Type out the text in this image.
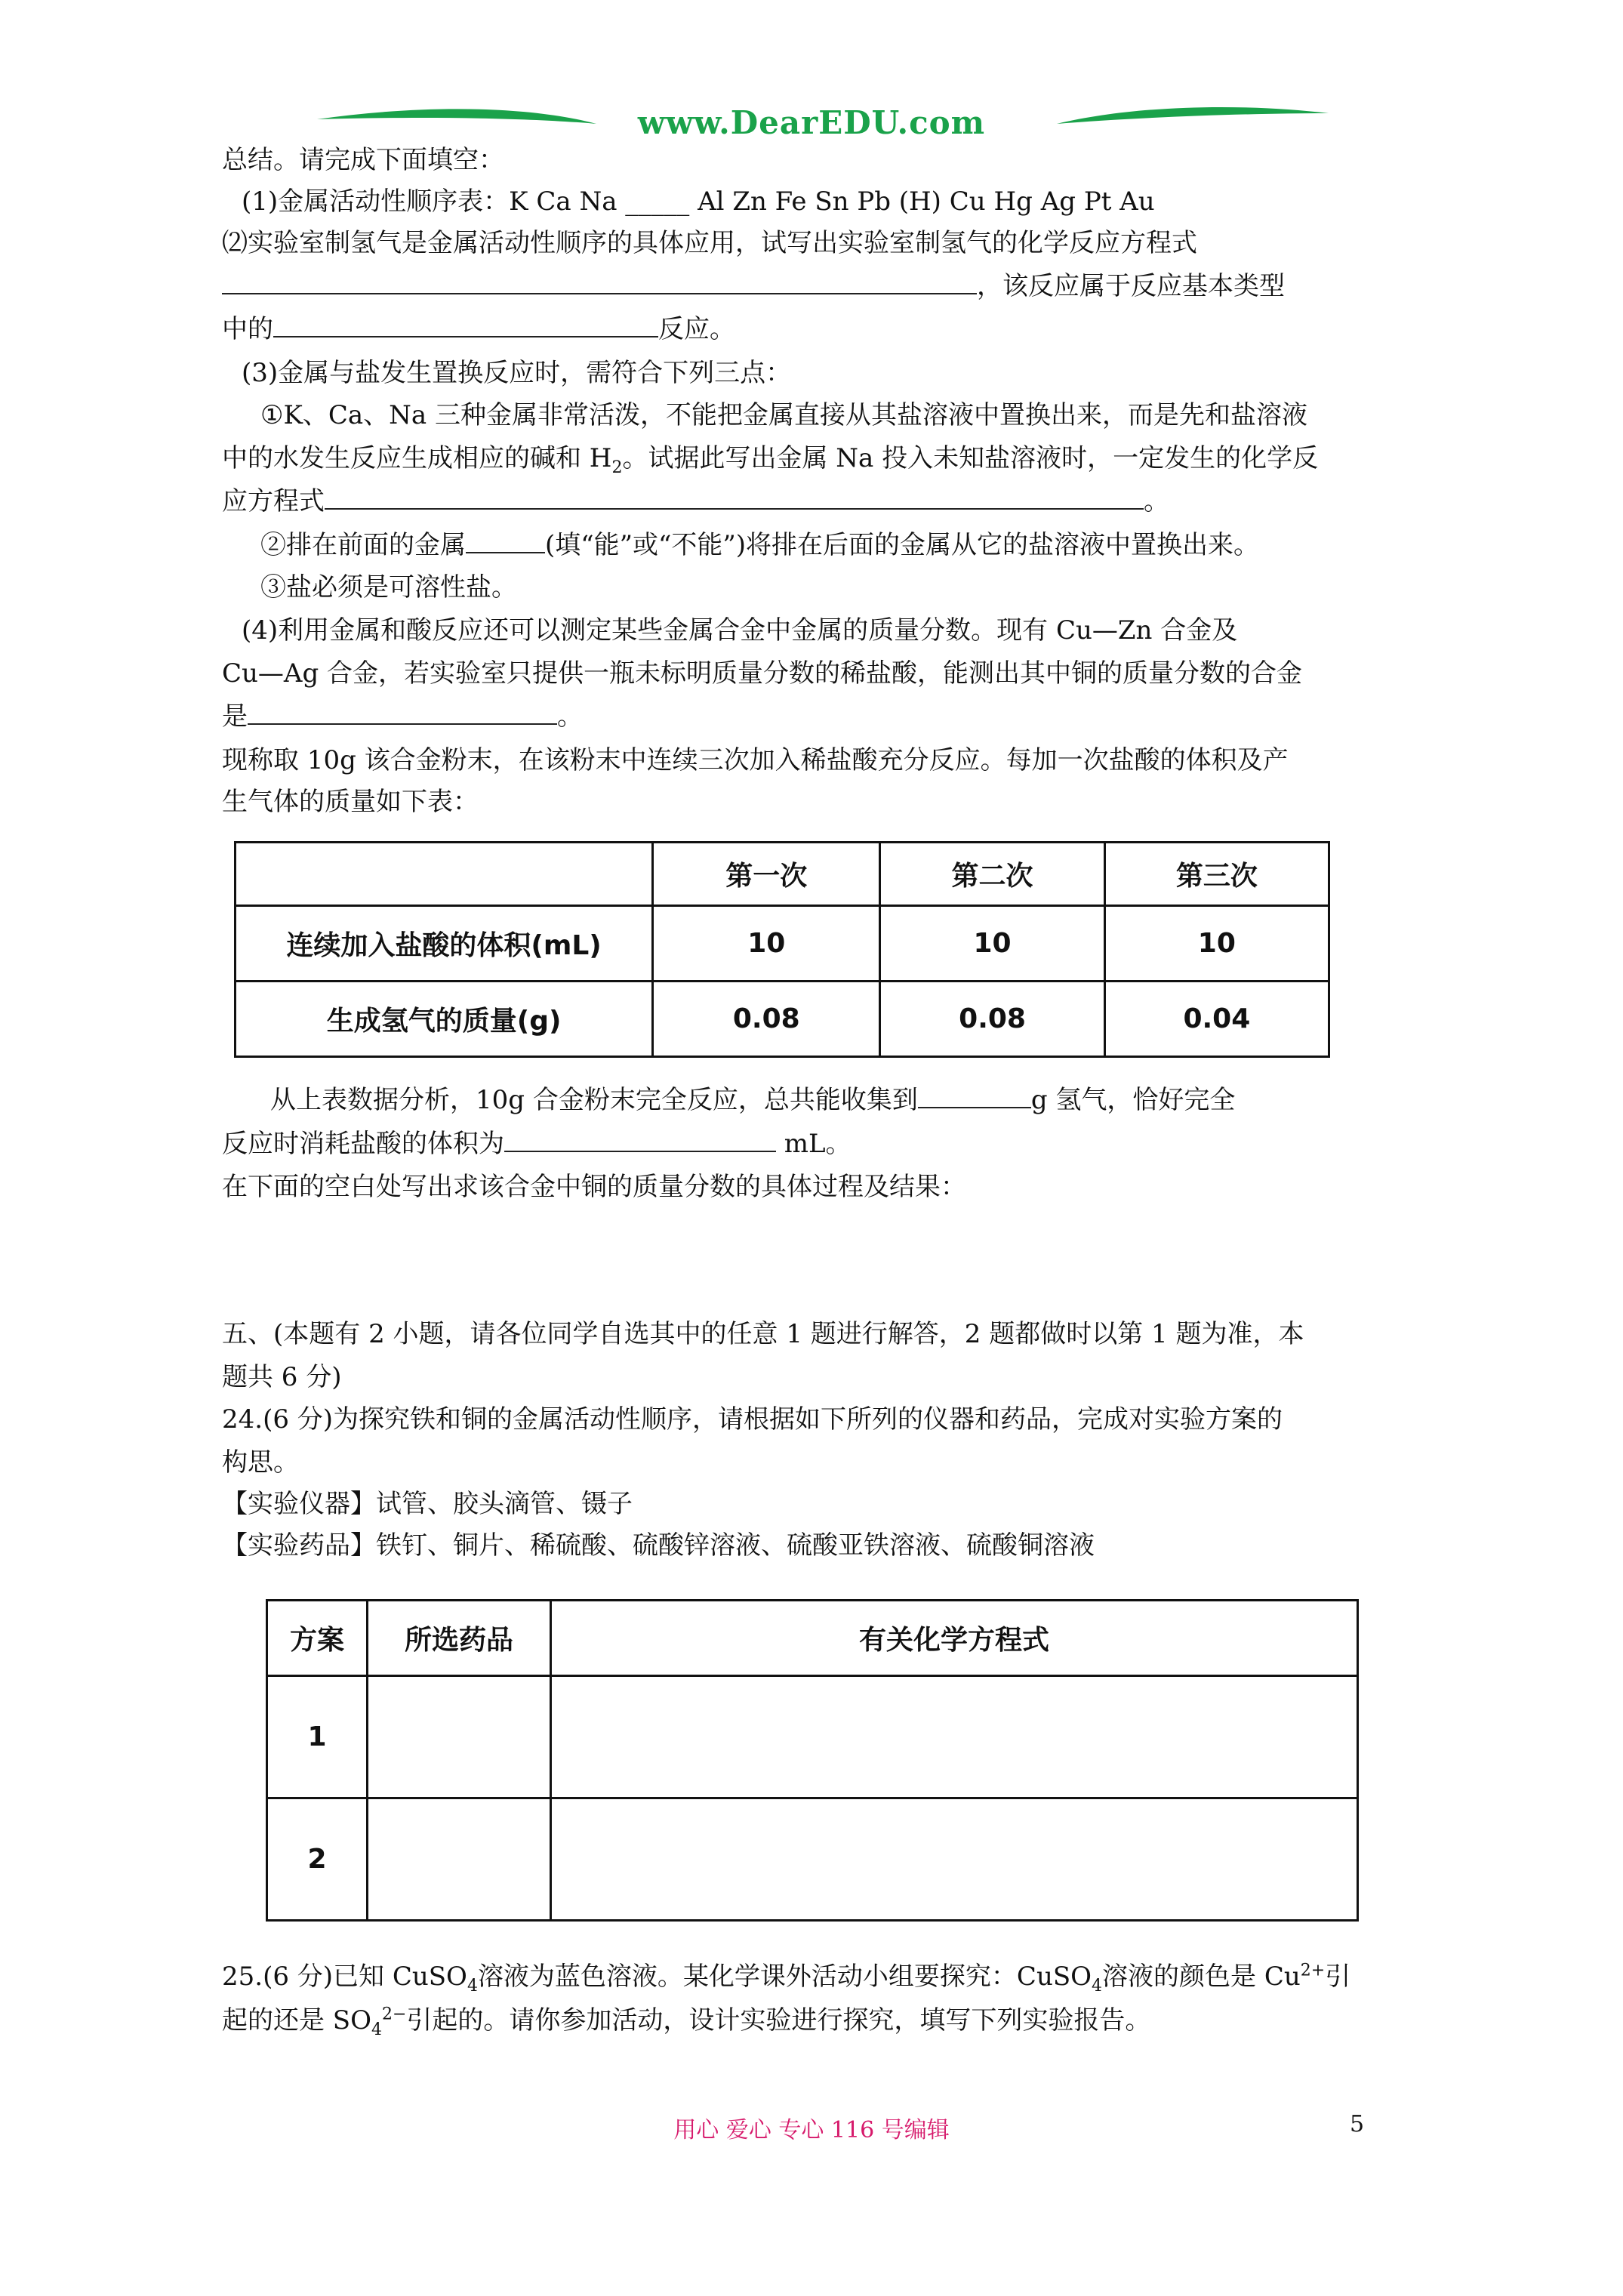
www.DearEDU.com
总结。请完成下面填空：
(1)金属活动性顺序表：K Ca Na _____ Al Zn Fe Sn Pb (H) Cu Hg Ag Pt Au
⑵实验室制氢气是金属活动性顺序的具体应用，试写出实验室制氢气的化学反应方程式
，该反应属于反应基本类型
中的	反应。
(3)金属与盐发生置换反应时，需符合下列三点：
①K、Ca、Na 三种金属非常活泼，不能把金属直接从其盐溶液中置换出来，而是先和盐溶液
中的水发生反应生成相应的碱和 $H_2$。试据此写出金属 Na 投入未知盐溶液时，一定发生的化学反
应方程式	。
②排在前面的金属	(填“能”或“不能”)将排在后面的金属从它的盐溶液中置换出来。
③盐必须是可溶性盐。
(4)利用金属和酸反应还可以测定某些金属合金中金属的质量分数。现有 Cu—Zn 合金及
Cu—Ag 合金，若实验室只提供一瓶未标明质量分数的稀盐酸，能测出其中铜的质量分数的合金
是	。
现称取 10g 该合金粉末，在该粉末中连续三次加入稀盐酸充分反应。每加一次盐酸的体积及产
生气体的质量如下表：
	第一次	第二次	第三次
连续加入盐酸的体积(mL)	10	10	10
生成氢气的质量(g)	0.08	0.08	0.04
从上表数据分析，10g 合金粉末完全反应，总共能收集到	g 氢气，恰好完全
反应时消耗盐酸的体积为	mL。
在下面的空白处写出求该合金中铜的质量分数的具体过程及结果：
五、(本题有 2 小题，请各位同学自选其中的任意 1 题进行解答，2 题都做时以第 1 题为准，本
题共 6 分)
24.(6 分)为探究铁和铜的金属活动性顺序，请根据如下所列的仪器和药品，完成对实验方案的
构思。
【实验仪器】试管、胶头滴管、镊子
【实验药品】铁钉、铜片、稀硫酸、硫酸锌溶液、硫酸亚铁溶液、硫酸铜溶液
方案	所选药品	有关化学方程式
1		
2		
25.(6 分)已知 CuSO$_4$溶液为蓝色溶液。某化学课外活动小组要探究：CuSO$_4$溶液的颜色是 $Cu^{2+}$引
起的还是 $SO_4^{2-}$引起的。请你参加活动，设计实验进行探究，填写下列实验报告。
用心 爱心 专心 116 号编辑	5
